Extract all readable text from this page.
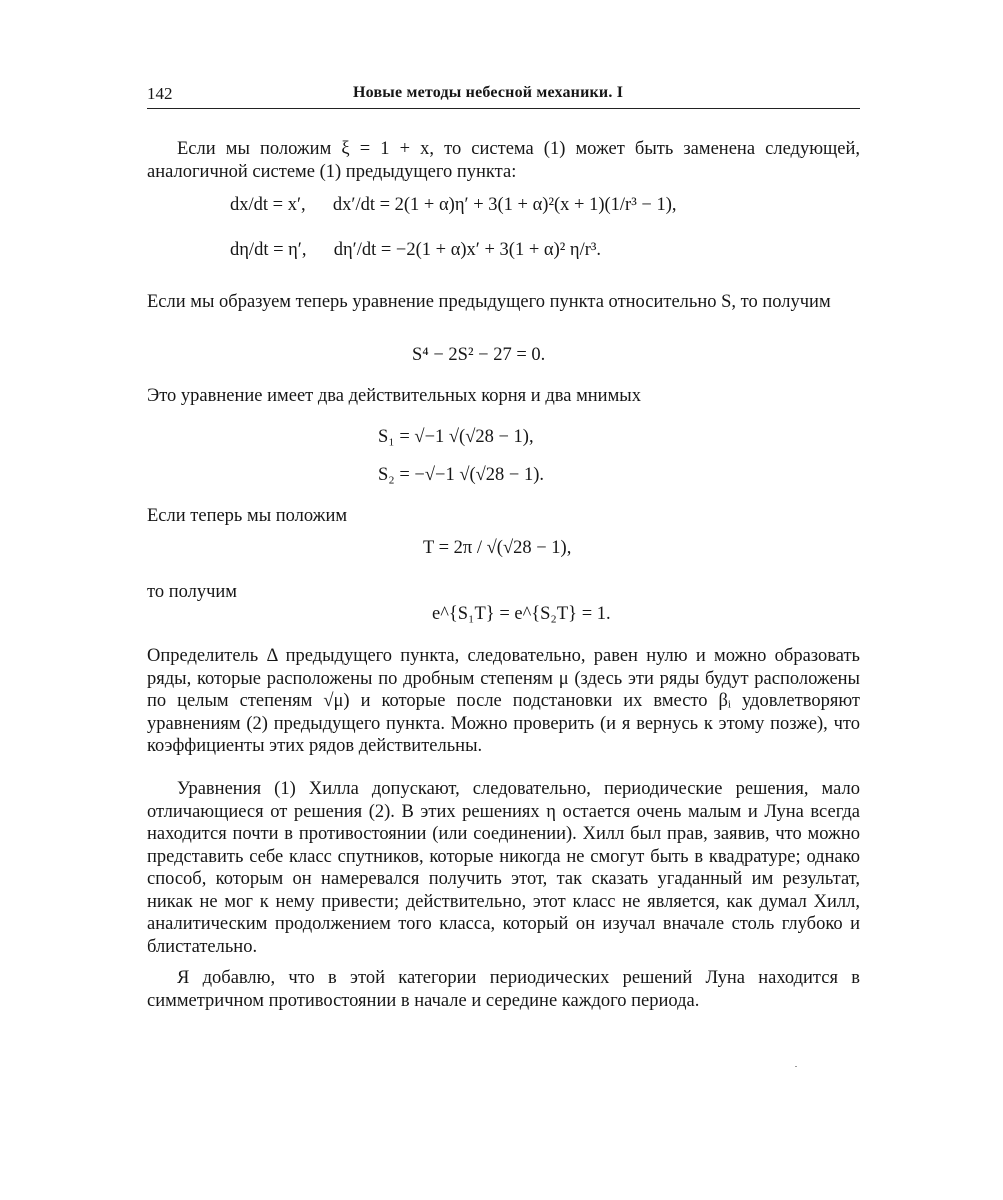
142	Новые методы небесной механики. I

Если мы положим ξ = 1 + x, то система (1) может быть заменена следующей, аналогичной системе (1) предыдущего пункта:

dx/dt = x′, dx′/dt = 2(1 + α)η′ + 3(1 + α)²(x + 1)(1/r³ − 1),
dη/dt = η′, dη′/dt = −2(1 + α)x′ + 3(1 + α)² η/r³.

Если мы образуем теперь уравнение предыдущего пункта относительно S, то получим

S⁴ − 2S² − 27 = 0.
Это уравнение имеет два действительных корня и два мнимых
S₁ = √−1 √(√28 − 1),
S₂ = −√−1 √(√28 − 1).
Если теперь мы положим
T = 2π / √(√28 − 1),
то получим
e^{S₁T} = e^{S₂T} = 1.

Определитель Δ предыдущего пункта, следовательно, равен нулю и можно образовать ряды, которые расположены по дробным степеням μ (здесь эти ряды будут расположены по целым степеням √μ) и которые после подстановки их вместо βᵢ удовлетворяют уравнениям (2) предыдущего пункта. Можно проверить (и я вернусь к этому позже), что коэффициенты этих рядов действительны.

Уравнения (1) Хилла допускают, следовательно, периодические решения, мало отличающиеся от решения (2). В этих решениях η остается очень малым и Луна всегда находится почти в противостоянии (или соединении). Хилл был прав, заявив, что можно представить себе класс спутников, которые никогда не смогут быть в квадратуре; однако способ, которым он намеревался получить этот, так сказать угаданный им результат, никак не мог к нему привести; действительно, этот класс не является, как думал Хилл, аналитическим продолжением того класса, который он изучал вначале столь глубоко и блистательно.

Я добавлю, что в этой категории периодических решений Луна находится в симметричном противостоянии в начале и середине каждого периода.
